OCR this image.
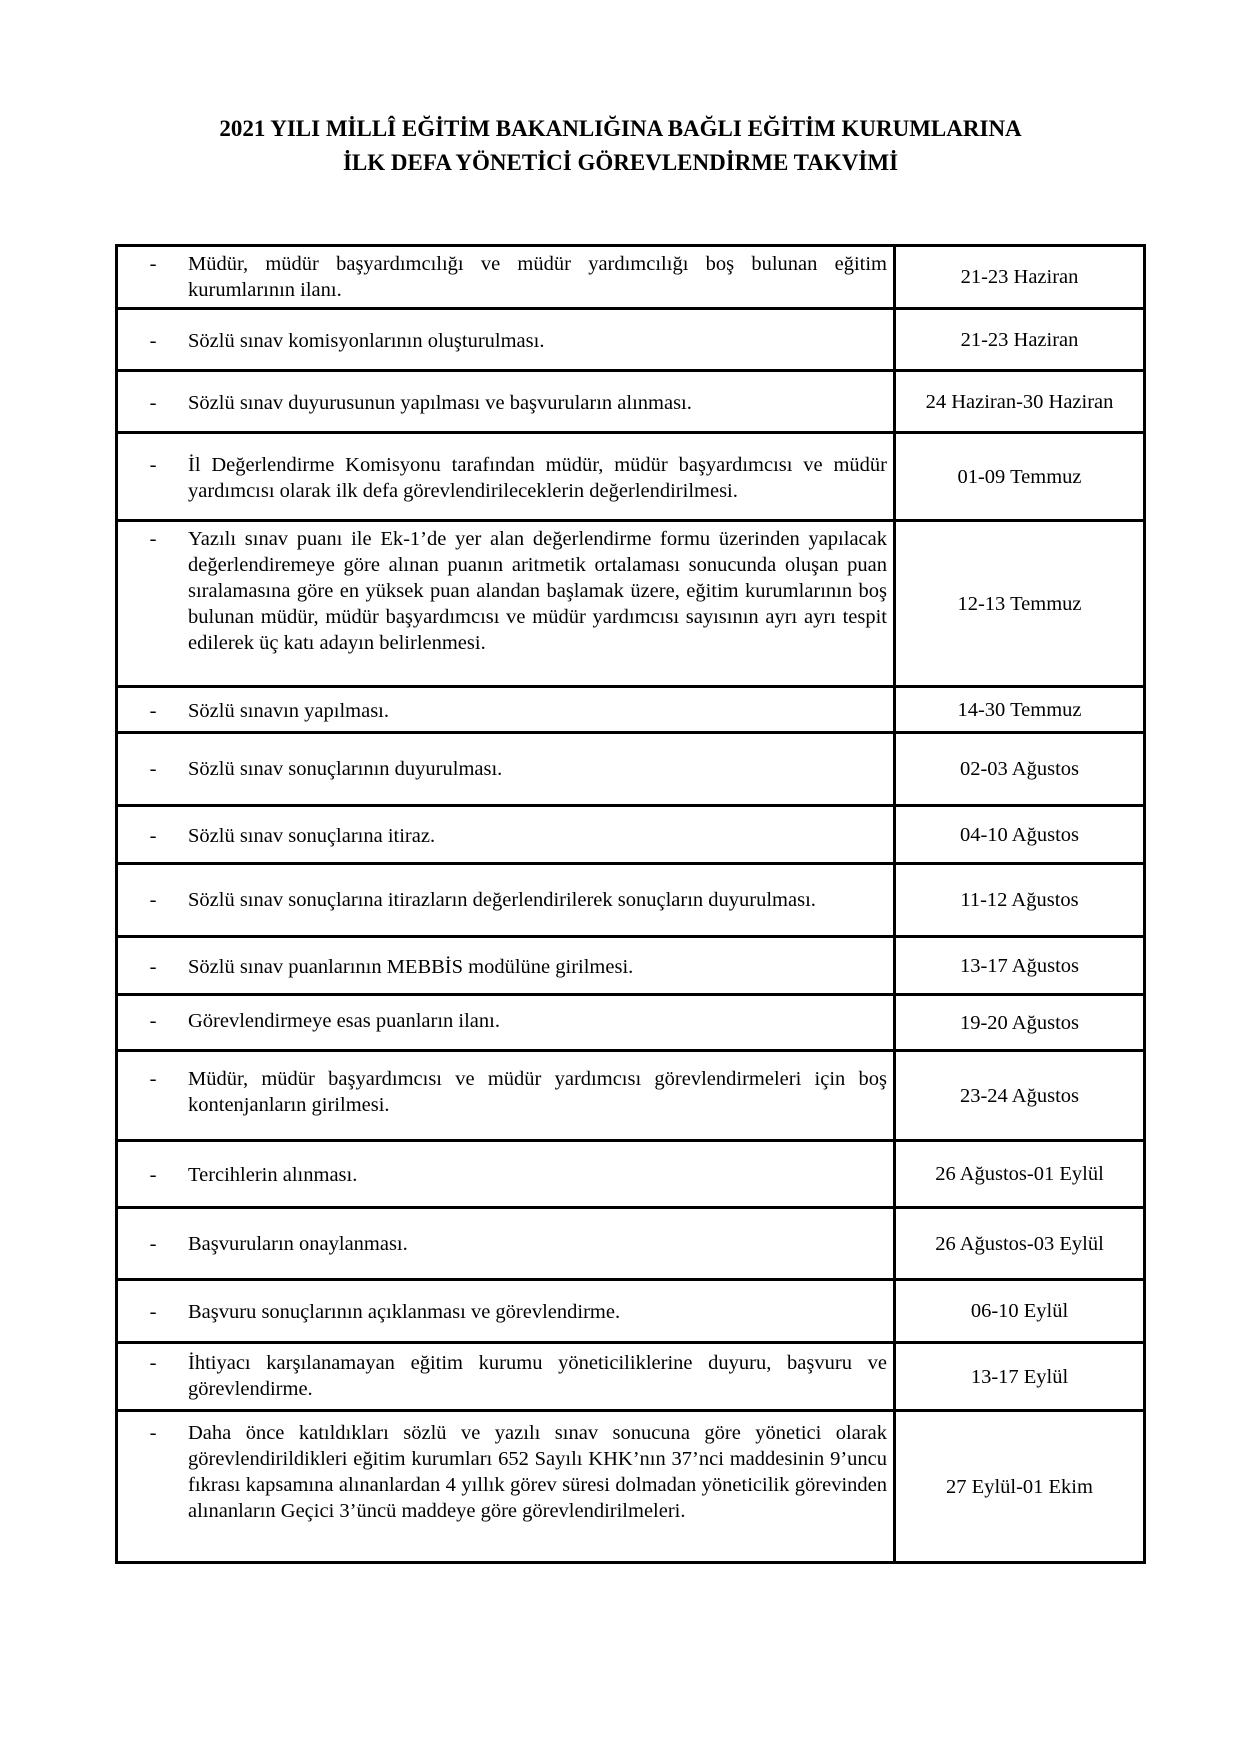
2021 YILI MİLLÎ EĞİTİM BAKANLIĞINA BAĞLI EĞİTİM KURUMLARINA
İLK DEFA YÖNETİCİ GÖREVLENDİRME TAKVİMİ
- Müdür, müdür başyardımcılığı ve müdür yardımcılığı boş bulunan eğitim kurumlarının ilanı.	21-23 Haziran

- Sözlü sınav komisyonlarının oluşturulması.	21-23 Haziran

- Sözlü sınav duyurusunun yapılması ve başvuruların alınması.	24 Haziran-30 Haziran

- İl Değerlendirme Komisyonu tarafından müdür, müdür başyardımcısı ve müdür yardımcısı olarak ilk defa görevlendirileceklerin değerlendirilmesi.	01-09 Temmuz

- Yazılı sınav puanı ile Ek-1’de yer alan değerlendirme formu üzerinden yapılacak değerlendiremeye göre alınan puanın aritmetik ortalaması sonucunda oluşan puan sıralamasına göre en yüksek puan alandan başlamak üzere, eğitim kurumlarının boş bulunan müdür, müdür başyardımcısı ve müdür yardımcısı sayısının ayrı ayrı tespit edilerek üç katı adayın belirlenmesi.	12-13 Temmuz

- Sözlü sınavın yapılması.	14-30 Temmuz

- Sözlü sınav sonuçlarının duyurulması.	02-03 Ağustos

- Sözlü sınav sonuçlarına itiraz.	04-10 Ağustos

- Sözlü sınav sonuçlarına itirazların değerlendirilerek sonuçların duyurulması.	11-12 Ağustos

- Sözlü sınav puanlarının MEBBİS modülüne girilmesi.	13-17 Ağustos

- Görevlendirmeye esas puanların ilanı.	19-20 Ağustos

- Müdür, müdür başyardımcısı ve müdür yardımcısı görevlendirmeleri için boş kontenjanların girilmesi.	23-24 Ağustos

- Tercihlerin alınması.	26 Ağustos-01 Eylül

- Başvuruların onaylanması.	26 Ağustos-03 Eylül

- Başvuru sonuçlarının açıklanması ve görevlendirme.	06-10 Eylül

- İhtiyacı karşılanamayan eğitim kurumu yöneticiliklerine duyuru, başvuru ve görevlendirme.	13-17 Eylül

- Daha önce katıldıkları sözlü ve yazılı sınav sonucuna göre yönetici olarak görevlendirildikleri eğitim kurumları 652 Sayılı KHK’nın 37’nci maddesinin 9’uncu fıkrası kapsamına alınanlardan 4 yıllık görev süresi dolmadan yöneticilik görevinden alınanların Geçici 3’üncü maddeye göre görevlendirilmeleri.	27 Eylül-01 Ekim
